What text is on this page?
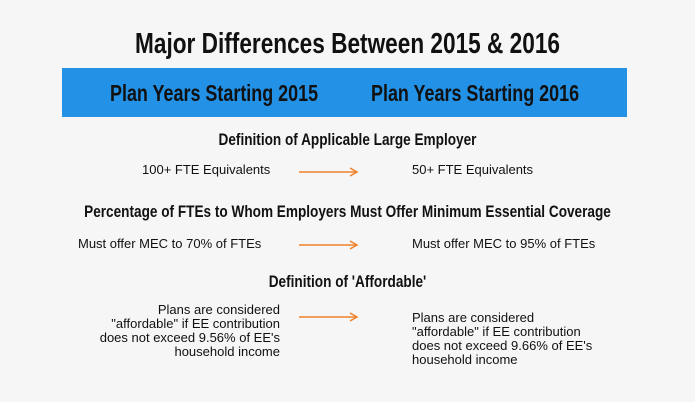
Major Differences Between 2015 & 2016
Plan Years Starting 2015 Plan Years Starting 2016
Definition of Applicable Large Employer
100+ FTE Equivalents	50+ FTE Equivalents
Percentage of FTEs to Whom Employers Must Offer Minimum Essential Coverage
Must offer MEC to 70% of FTEs	Must offer MEC to 95% of FTEs
Definition of 'Affordable'
Plans are considered
"affordable" if EE contribution
does not exceed 9.56% of EE's
household income
Plans are considered
"affordable" if EE contribution
does not exceed 9.66% of EE's
household income
